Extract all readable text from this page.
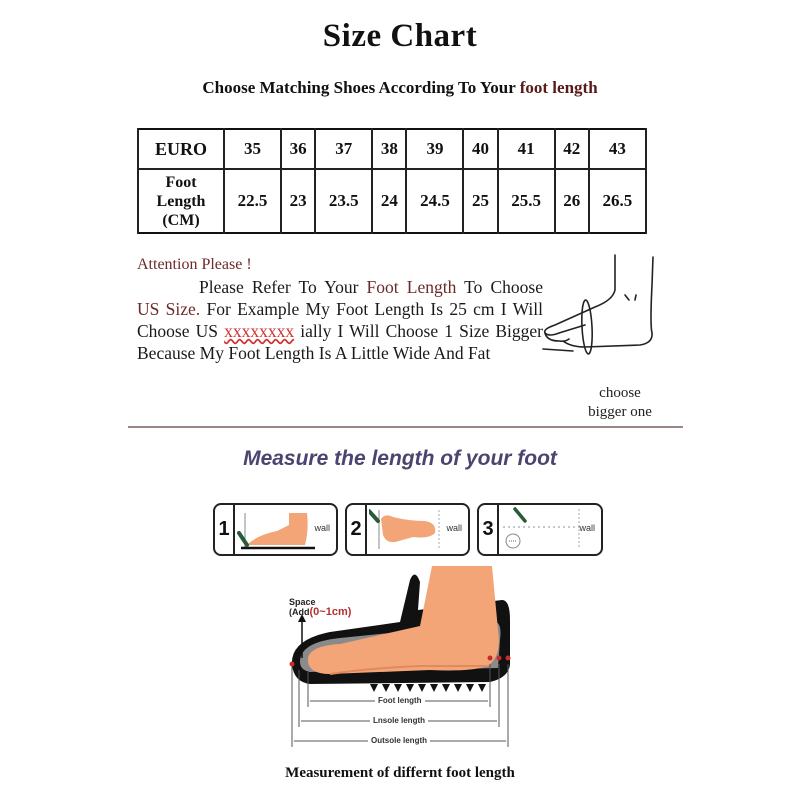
Size Chart
Choose Matching Shoes According To Your foot length
EURO	35	36	37	38	39	40	41	42	43

Foot
Length
(CM)	22.5	23	23.5	24	24.5	25	25.5	26	26.5
Attention Please !
Please Refer To Your Foot Length To Choose US Size. For Example My Foot Length Is 25 cm I Will Choose US xxxxxxxx ially I Will Choose 1 Size Bigger Because My Foot Length Is A Little Wide And Fat
choose
bigger one
Measure the length of your foot
1	wall 2	wall 3	wall
Space
(Add(0~1cm)
Foot length
Lnsole length
Outsole length
Measurement of differnt foot length
